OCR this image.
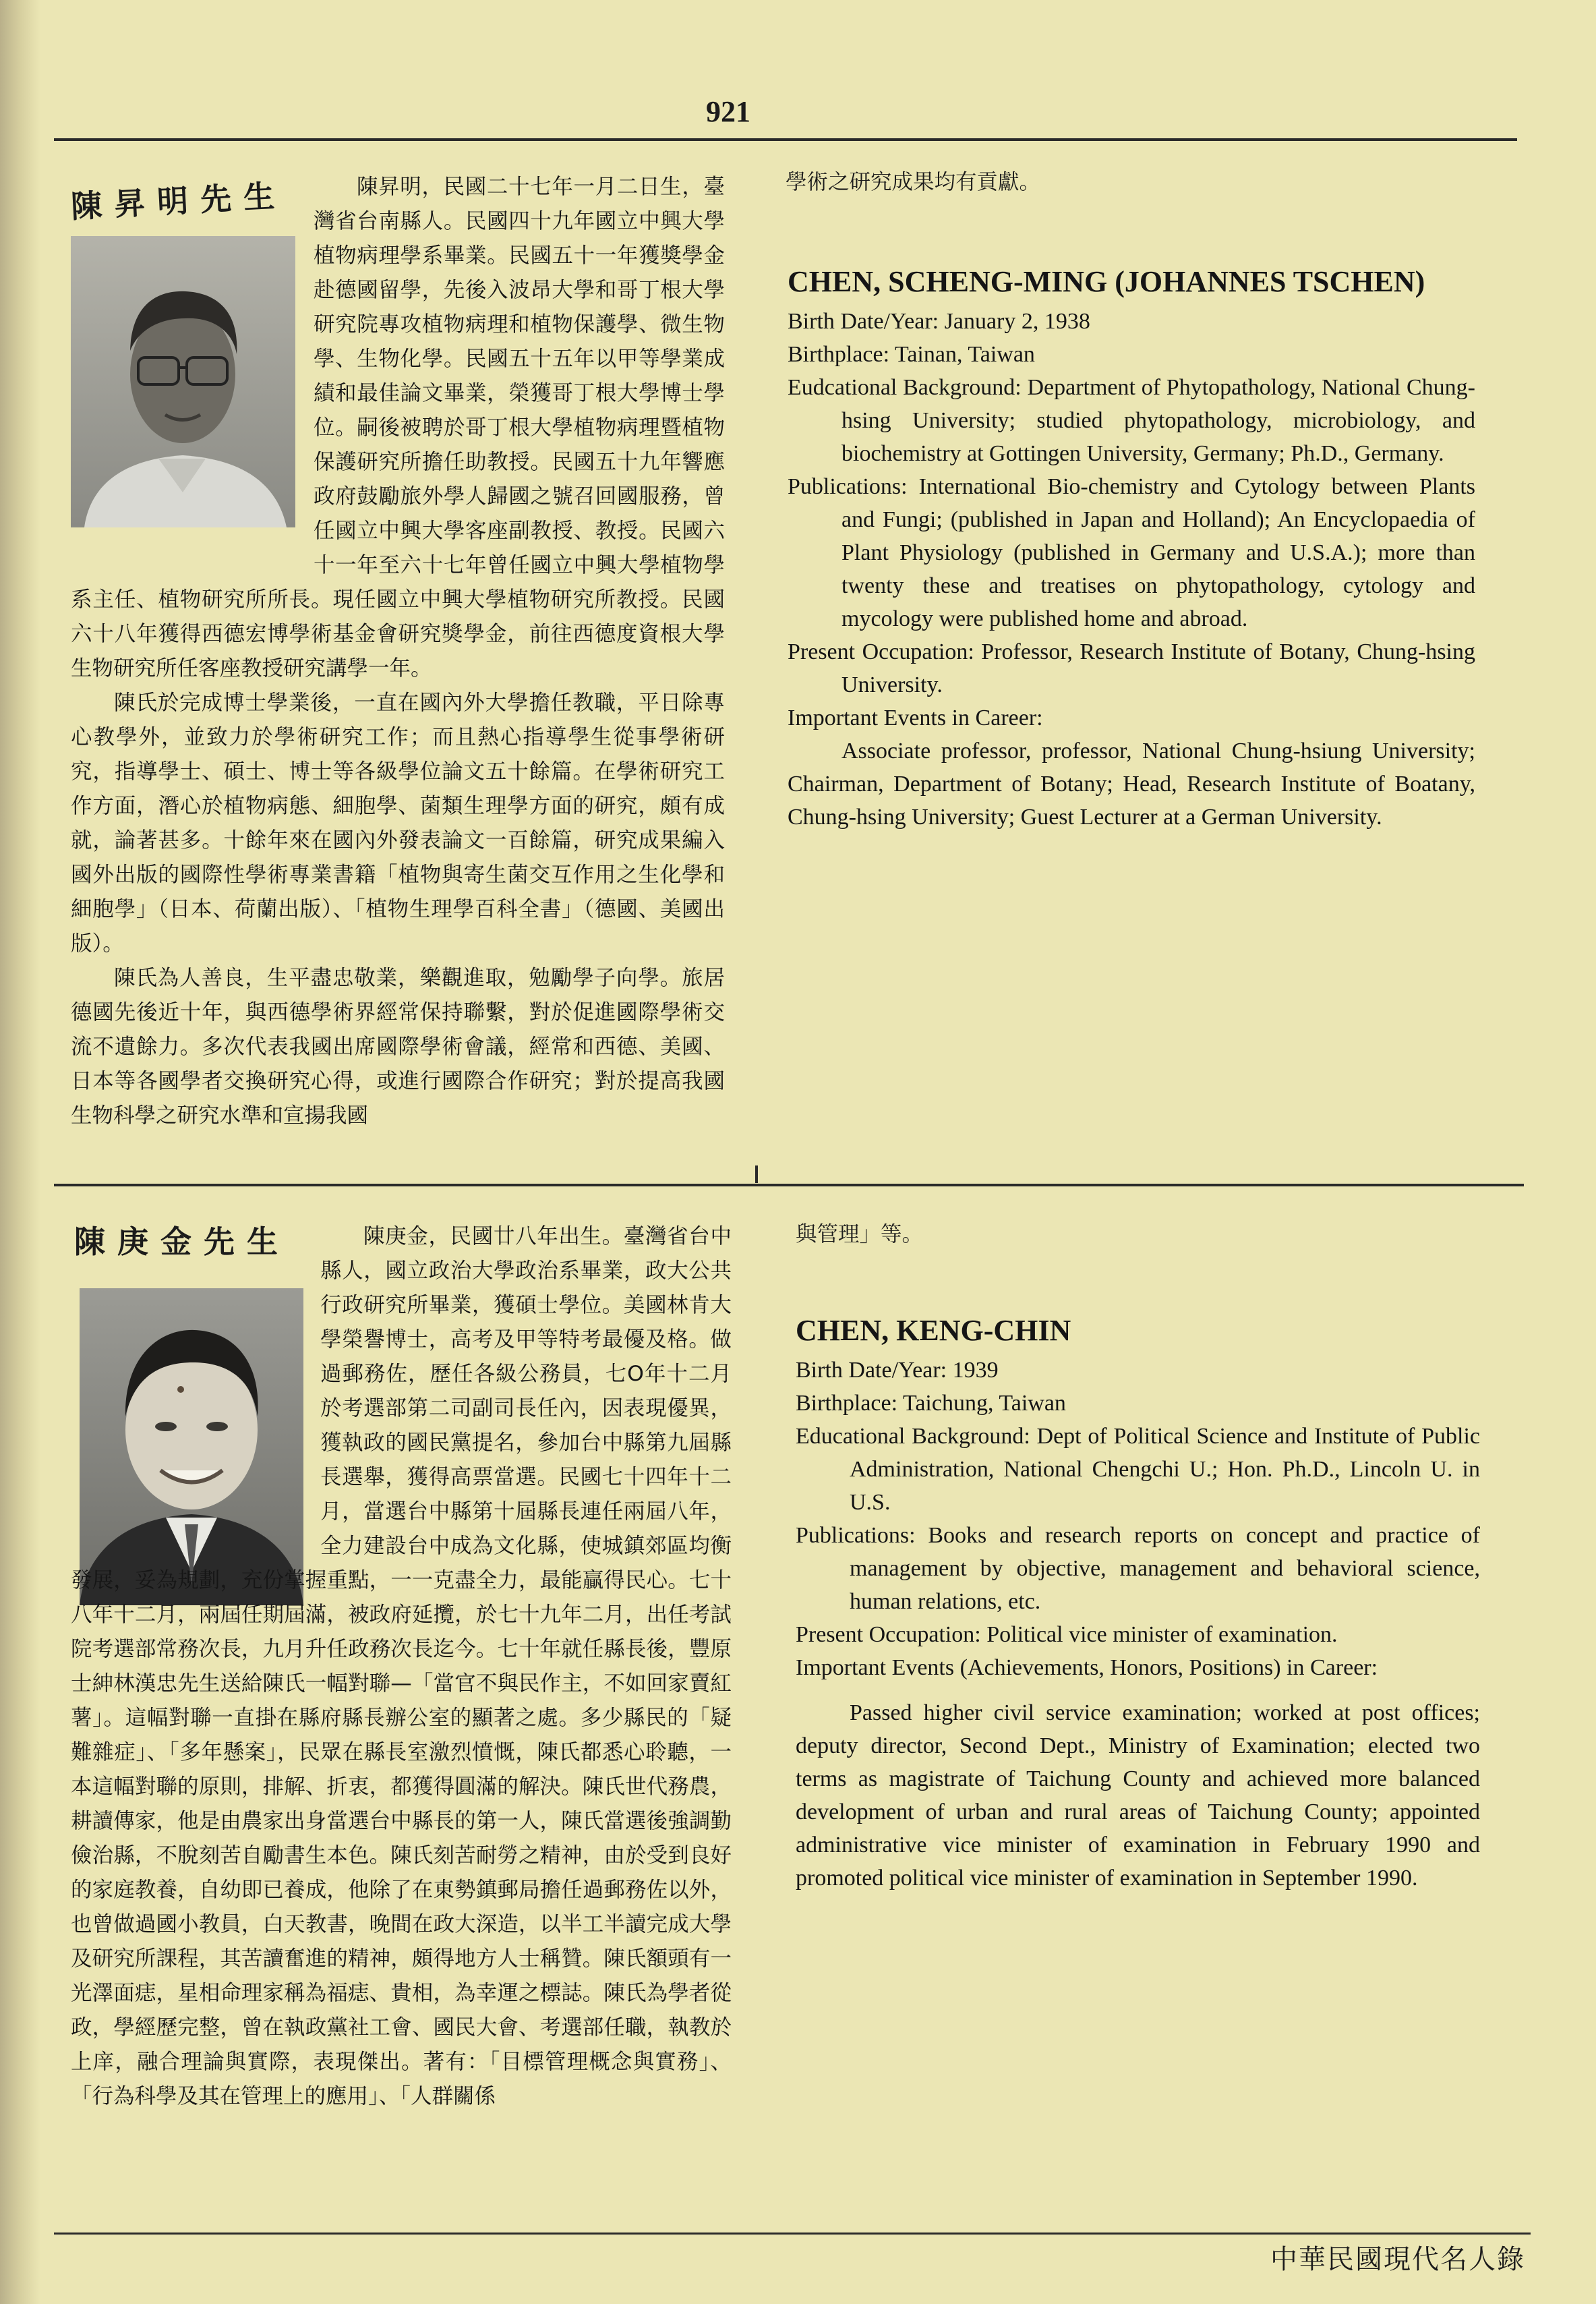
921
陳昇明先生	陳昇明，民國二十七年一月二日生，臺灣省台南縣人。民國四十九年國立中興大學植物病理學系畢業。民國五十一年獲獎學金赴德國留學，先後入波昂大學和哥丁根大學研究院專攻植物病理和植物保護學、微生物學、生物化學。民國五十五年以甲等學業成績和最佳論文畢業，榮獲哥丁根大學博士學位。嗣後被聘於哥丁根大學植物病理暨植物保護研究所擔任助教授。民國五十九年響應政府鼓勵旅外學人歸國之號召回國服務，曾任國立中興大學客座副教授、教授。民國六十一年至六十七年曾任國立中興大學植物學系主任、植物研究所所長。現任國立中興大學植物研究所教授。民國六十八年獲得西德宏博學術基金會研究獎學金，前往西德度資根大學生物研究所任客座教授研究講學一年。

陳氏於完成博士學業後，一直在國內外大學擔任教職，平日除專心教學外，並致力於學術研究工作；而且熱心指導學生從事學術研究，指導學士、碩士、博士等各級學位論文五十餘篇。在學術研究工作方面，潛心於植物病態、細胞學、菌類生理學方面的研究，頗有成就，論著甚多。十餘年來在國內外發表論文一百餘篇，研究成果編入國外出版的國際性學術專業書籍「植物與寄生菌交互作用之生化學和細胞學」（日本、荷蘭出版）、「植物生理學百科全書」（德國、美國出版）。

陳氏為人善良，生平盡忠敬業，樂觀進取，勉勵學子向學。旅居德國先後近十年，與西德學術界經常保持聯繫，對於促進國際學術交流不遺餘力。多次代表我國出席國際學術會議，經常和西德、美國、日本等各國學者交換研究心得，或進行國際合作研究；對於提高我國生物科學之研究水準和宣揚我國

學術之研究成果均有貢獻。
CHEN, SCHENG-MING (JOHANNES TSCHEN)
Birth Date/Year: January 2, 1938
Birthplace: Tainan, Taiwan
Eudcational Background: Department of Phytopathology, National Chung-hsing University; studied phytopathology, microbiology, and biochemistry at Gottingen University, Germany; Ph.D., Germany.
Publications: International Bio-chemistry and Cytology between Plants and Fungi; (published in Japan and Holland); An Encyclopaedia of Plant Physiology (published in Germany and U.S.A.); more than twenty these and treatises on phytopathology, cytology and mycology were published home and abroad.
Present Occupation: Professor, Research Institute of Botany, Chung-hsing University.
Important Events in Career:
Associate professor, professor, National Chung-hsiung University; Chairman, Department of Botany; Head, Research Institute of Boatany, Chung-hsing University; Guest Lecturer at a German University.
陳庚金先生	陳庚金，民國廿八年出生。臺灣省台中縣人，國立政治大學政治系畢業，政大公共行政研究所畢業，獲碩士學位。美國林肯大學榮譽博士，高考及甲等特考最優及格。做過郵務佐，歷任各級公務員，七O年十二月於考選部第二司副司長任內，因表現優異，獲執政的國民黨提名，參加台中縣第九屆縣長選舉，獲得高票當選。民國七十四年十二月，當選台中縣第十屆縣長連任兩屆八年，全力建設台中成為文化縣，使城鎮郊區均衡發展，妥為規劃，充份掌握重點，一一克盡全力，最能贏得民心。七十八年十二月，兩屆任期屆滿，被政府延攬，於七十九年二月，出任考試院考選部常務次長，九月升任政務次長迄今。七十年就任縣長後，豐原士紳林漢忠先生送給陳氏一幅對聯—「當官不與民作主，不如回家賣紅薯」。這幅對聯一直掛在縣府縣長辦公室的顯著之處。多少縣民的「疑難雜症」、「多年懸案」，民眾在縣長室激烈憤慨，陳氏都悉心聆聽，一本這幅對聯的原則，排解、折衷，都獲得圓滿的解決。陳氏世代務農，耕讀傳家，他是由農家出身當選台中縣長的第一人，陳氏當選後強調勤儉治縣，不脫刻苦自勵書生本色。陳氏刻苦耐勞之精神，由於受到良好的家庭教養，自幼即已養成，他除了在東勢鎮郵局擔任過郵務佐以外，也曾做過國小教員，白天教書，晚間在政大深造，以半工半讀完成大學及研究所課程，其苦讀奮進的精神，頗得地方人士稱贊。陳氏額頭有一光澤面痣，星相命理家稱為福痣、貴相，為幸運之標誌。陳氏為學者從政，學經歷完整，曾在執政黨社工會、國民大會、考選部任職，執教於上庠，融合理論與實際，表現傑出。著有：「目標管理概念與實務」、「行為科學及其在管理上的應用」、「人群關係

與管理」等。
CHEN, KENG-CHIN
Birth Date/Year: 1939
Birthplace: Taichung, Taiwan
Educational Background: Dept of Political Science and Institute of Public Administration, National Chengchi U.; Hon. Ph.D., Lincoln U. in U.S.
Publications: Books and research reports on concept and practice of management by objective, management and behavioral science, human relations, etc.
Present Occupation: Political vice minister of examination.
Important Events (Achievements, Honors, Positions) in Career:
Passed higher civil service examination; worked at post offices; deputy director, Second Dept., Ministry of Examination; elected two terms as magistrate of Taichung County and achieved more balanced development of urban and rural areas of Taichung County; appointed administrative vice minister of examination in February 1990 and promoted political vice minister of examination in September 1990.
中華民國現代名人錄
